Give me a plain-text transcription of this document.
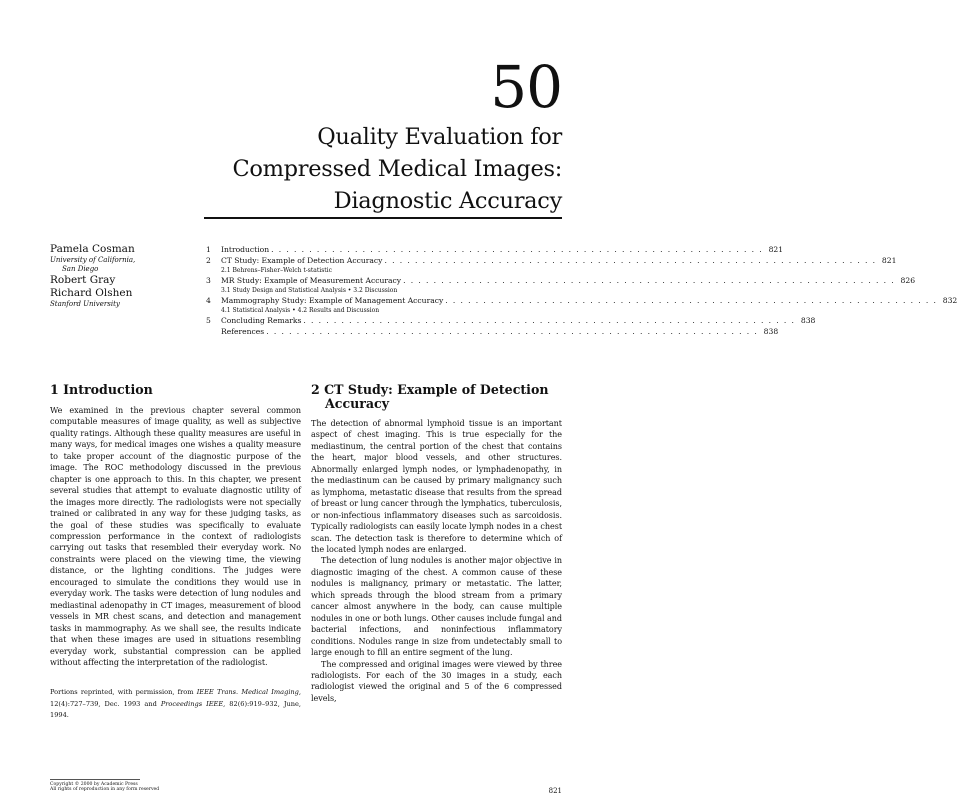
50
Quality Evaluation for
Compressed Medical Images:
Diagnostic Accuracy
Pamela Cosman
University of California,
San Diego
Robert Gray
Richard Olshen
Stanford University
1	Introduction . . . . . . . . . . . . . . . . . . . . . . . . . . . . . . . . . . . . . . . . . . . . . . . . . . . . . . . . . . . . . . . . . 821
2	CT Study: Example of Detection Accuracy . . . . . . . . . . . . . . . . . . . . . . . . . . . . . . . . . . . . . . . . . . . . . . . . . . . . . . . . . . . . . . . . . 821
2.1 Behrens–Fisher–Welch t-statistic
3	MR Study: Example of Measurement Accuracy . . . . . . . . . . . . . . . . . . . . . . . . . . . . . . . . . . . . . . . . . . . . . . . . . . . . . . . . . . . . . . . . . 826
3.1 Study Design and Statistical Analysis • 3.2 Discussion
4	Mammography Study: Example of Management Accuracy . . . . . . . . . . . . . . . . . . . . . . . . . . . . . . . . . . . . . . . . . . . . . . . . . . . . . . . . . . . . . . . . . 832
4.1 Statistical Analysis • 4.2 Results and Discussion
5	Concluding Remarks . . . . . . . . . . . . . . . . . . . . . . . . . . . . . . . . . . . . . . . . . . . . . . . . . . . . . . . . . . . . . . . . . 838
References . . . . . . . . . . . . . . . . . . . . . . . . . . . . . . . . . . . . . . . . . . . . . . . . . . . . . . . . . . . . . . . . . 838
1 Introduction

We examined in the previous chapter several common computable measures of image quality, as well as subjective quality ratings. Although these quality measures are useful in many ways, for medical images one wishes a quality measure to take proper account of the diagnostic purpose of the image. The ROC methodology discussed in the previous chapter is one approach to this. In this chapter, we present several studies that attempt to evaluate diagnostic utility of the images more directly. The radiologists were not specially trained or calibrated in any way for these judging tasks, as the goal of these studies was specifically to evaluate compression performance in the context of radiologists carrying out tasks that resembled their everyday work. No constraints were placed on the viewing time, the viewing distance, or the lighting conditions. The judges were encouraged to simulate the conditions they would use in everyday work. The tasks were detection of lung nodules and mediastinal adenopathy in CT images, measurement of blood vessels in MR chest scans, and detection and management tasks in mammography. As we shall see, the results indicate that when these images are used in situations resembling everyday work, substantial compression can be applied without affecting the interpretation of the radiologist.

Portions reprinted, with permission, from IEEE Trans. Medical Imaging, 12(4):727–739, Dec. 1993 and Proceedings IEEE, 82(6):919–932, June, 1994.
2 CT Study: Example of Detection Accuracy

The detection of abnormal lymphoid tissue is an important aspect of chest imaging. This is true especially for the mediastinum, the central portion of the chest that contains the heart, major blood vessels, and other structures. Abnormally enlarged lymph nodes, or lymphadenopathy, in the mediastinum can be caused by primary malignancy such as lymphoma, metastatic disease that results from the spread of breast or lung cancer through the lymphatics, tuberculosis, or non-infectious inflammatory diseases such as sarcoidosis. Typically radiologists can easily locate lymph nodes in a chest scan. The detection task is therefore to determine which of the located lymph nodes are enlarged.

The detection of lung nodules is another major objective in diagnostic imaging of the chest. A common cause of these nodules is malignancy, primary or metastatic. The latter, which spreads through the blood stream from a primary cancer almost anywhere in the body, can cause multiple nodules in one or both lungs. Other causes include fungal and bacterial infections, and noninfectious inflammatory conditions. Nodules range in size from undetectably small to large enough to fill an entire segment of the lung.

The compressed and original images were viewed by three radiologists. For each of the 30 images in a study, each radiologist viewed the original and 5 of the 6 compressed levels,

Copyright © 2000 by Academic Press
All rights of reproduction in any form reserved	821
